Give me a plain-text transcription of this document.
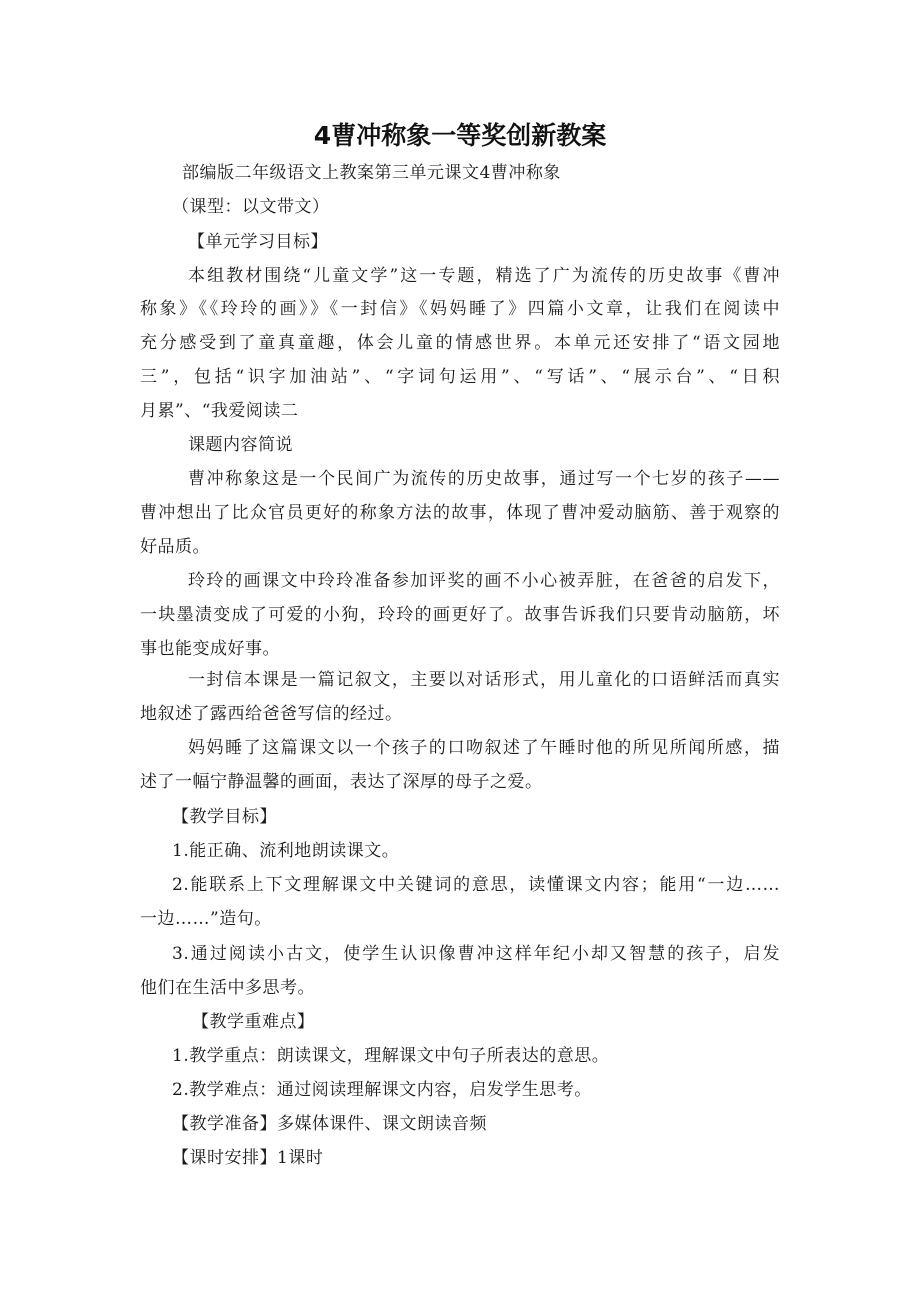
4曹冲称象一等奖创新教案
部编版二年级语文上教案第三单元课文4曹冲称象
（课型：以文带文）
【单元学习目标】
本组教材围绕“儿童文学”这一专题，精选了广为流传的历史故事《曹冲
称象》《《玲玲的画》》《一封信》《妈妈睡了》四篇小文章，让我们在阅读中
充分感受到了童真童趣，体会儿童的情感世界。本单元还安排了“语文园地
三”，包括“识字加油站”、“字词句运用”、“写话”、“展示台”、“日积
月累”、“我爱阅读二
课题内容简说
曹冲称象这是一个民间广为流传的历史故事，通过写一个七岁的孩子——
曹冲想出了比众官员更好的称象方法的故事，体现了曹冲爱动脑筋、善于观察的
好品质。
玲玲的画课文中玲玲准备参加评奖的画不小心被弄脏，在爸爸的启发下，
一块墨渍变成了可爱的小狗，玲玲的画更好了。故事告诉我们只要肯动脑筋，坏
事也能变成好事。
一封信本课是一篇记叙文，主要以对话形式，用儿童化的口语鲜活而真实
地叙述了露西给爸爸写信的经过。
妈妈睡了这篇课文以一个孩子的口吻叙述了午睡时他的所见所闻所感，描
述了一幅宁静温馨的画面，表达了深厚的母子之爱。
【教学目标】
1.能正确、流利地朗读课文。
2.能联系上下文理解课文中关键词的意思，读懂课文内容；能用“一边……
一边……”造句。
3.通过阅读小古文，使学生认识像曹冲这样年纪小却又智慧的孩子，启发
他们在生活中多思考。
【教学重难点】
1.教学重点：朗读课文，理解课文中句子所表达的意思。
2.教学难点：通过阅读理解课文内容，启发学生思考。
【教学准备】多媒体课件、课文朗读音频
【课时安排】1课时
